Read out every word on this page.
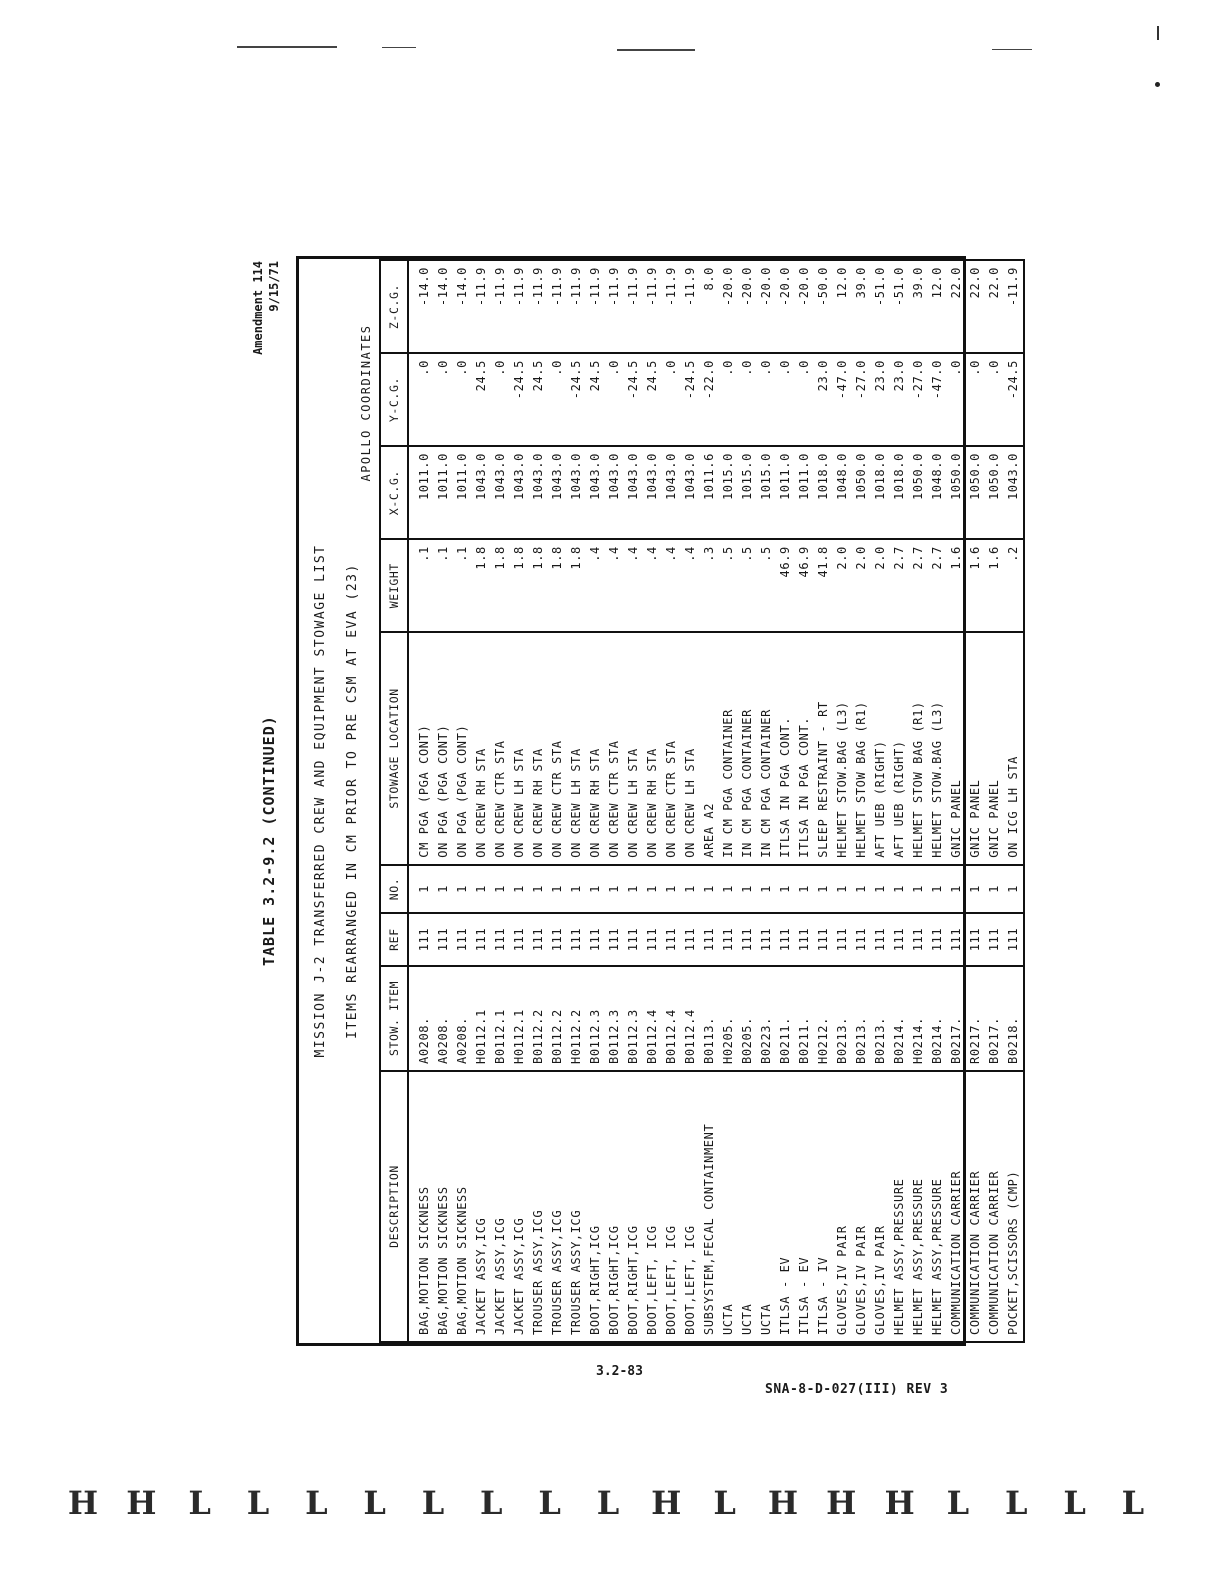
TABLE 3.2-9.2 (CONTINUED)
Amendment 114 9/15/71
MISSION J-2 TRANSFERRED CREW AND EQUIPMENT STOWAGE LIST ITEMS REARRANGED IN CM PRIOR TO PRE CSM AT EVA (23)
APOLLO COORDINATES
DESCRIPTION	STOW. ITEM	REF	NO.	STOWAGE LOCATION	WEIGHT	X-C.G.	Y-C.G.	Z-C.G.
BAG,MOTION SICKNESS	A0208.	111	1	CM PGA (PGA CONT)	.1	1011.0	.0	-14.0
BAG,MOTION SICKNESS	A0208.	111	1	ON PGA (PGA CONT)	.1	1011.0	.0	-14.0
BAG,MOTION SICKNESS	A0208.	111	1	ON PGA (PGA CONT)	.1	1011.0	.0	-14.0
JACKET ASSY,ICG	H0112.1	111	1	ON CREW RH STA	1.8	1043.0	24.5	-11.9
JACKET ASSY,ICG	B0112.1	111	1	ON CREW CTR STA	1.8	1043.0	.0	-11.9
JACKET ASSY,ICG	H0112.1	111	1	ON CREW LH STA	1.8	1043.0	-24.5	-11.9
TROUSER ASSY,ICG	B0112.2	111	1	ON CREW RH STA	1.8	1043.0	24.5	-11.9
TROUSER ASSY,ICG	B0112.2	111	1	ON CREW CTR STA	1.8	1043.0	.0	-11.9
TROUSER ASSY,ICG	H0112.2	111	1	ON CREW LH STA	1.8	1043.0	-24.5	-11.9
BOOT,RIGHT,ICG	B0112.3	111	1	ON CREW RH STA	.4	1043.0	24.5	-11.9
BOOT,RIGHT,ICG	B0112.3	111	1	ON CREW CTR STA	.4	1043.0	.0	-11.9
BOOT,RIGHT,ICG	B0112.3	111	1	ON CREW LH STA	.4	1043.0	-24.5	-11.9
BOOT,LEFT, ICG	B0112.4	111	1	ON CREW RH STA	.4	1043.0	24.5	-11.9
BOOT,LEFT, ICG	B0112.4	111	1	ON CREW CTR STA	.4	1043.0	.0	-11.9
BOOT,LEFT, ICG	B0112.4	111	1	ON CREW LH STA	.4	1043.0	-24.5	-11.9
SUBSYSTEM,FECAL CONTAINMENT	B0113.	111	1	AREA A2	.3	1011.6	-22.0	8.0
UCTA	H0205.	111	1	IN CM PGA CONTAINER	.5	1015.0	.0	-20.0
UCTA	B0205.	111	1	IN CM PGA CONTAINER	.5	1015.0	.0	-20.0
UCTA	B0223.	111	1	IN CM PGA CONTAINER	.5	1015.0	.0	-20.0
ITLSA - EV	B0211.	111	1	ITLSA IN PGA CONT.	46.9	1011.0	.0	-20.0
ITLSA - EV	B0211.	111	1	ITLSA IN PGA CONT.	46.9	1011.0	.0	-20.0
ITLSA - IV	H0212.	111	1	SLEEP RESTRAINT - RT	41.8	1018.0	23.0	-50.0
GLOVES,IV PAIR	B0213.	111	1	HELMET STOW.BAG (L3)	2.0	1048.0	-47.0	12.0
GLOVES,IV PAIR	B0213.	111	1	HELMET STOW BAG (R1)	2.0	1050.0	-27.0	39.0
GLOVES,IV PAIR	B0213.	111	1	AFT UEB (RIGHT)	2.0	1018.0	23.0	-51.0
HELMET ASSY,PRESSURE	B0214.	111	1	AFT UEB (RIGHT)	2.7	1018.0	23.0	-51.0
HELMET ASSY,PRESSURE	H0214.	111	1	HELMET STOW BAG (R1)	2.7	1050.0	-27.0	39.0
HELMET ASSY,PRESSURE	B0214.	111	1	HELMET STOW.BAG (L3)	2.7	1048.0	-47.0	12.0
COMMUNICATION CARRIER	B0217.	111	1	GNIC PANEL	1.6	1050.0	.0	22.0
COMMUNICATION CARRIER	R0217.	111	1	GNIC PANEL	1.6	1050.0	.0	22.0
COMMUNICATION CARRIER	B0217.	111	1	GNIC PANEL	1.6	1050.0	.0	22.0
POCKET,SCISSORS (CMP)	B0218.	111	1	ON ICG LH STA	.2	1043.0	-24.5	-11.9
3.2-83
SNA-8-D-027(III) REV 3
H H L	L	L	L	L	L	L	L H L H H H L	L	L	L
